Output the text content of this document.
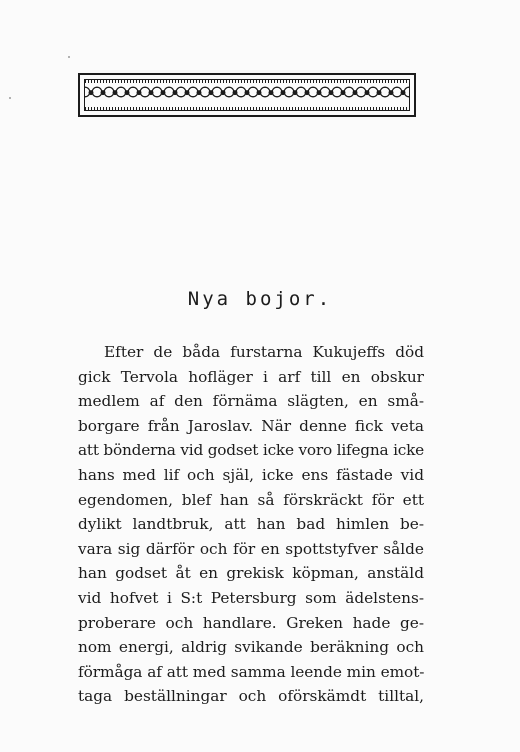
Nya bojor.
Efter de båda furstarna Kukujeffs död
gick Tervola hofläger i arf till en obskur
medlem af den förnäma slägten, en små-
borgare från Jaroslav. När denne fick veta
att bönderna vid godset icke voro lifegna icke
hans med lif och själ, icke ens fästade vid
egendomen, blef han så förskräckt för ett
dylikt landtbruk, att han bad himlen be-
vara sig därför och för en spottstyfver sålde
han godset åt en grekisk köpman, anstäld
vid hofvet i S:t Petersburg som ädelstens-
proberare och handlare. Greken hade ge-
nom energi, aldrig svikande beräkning och
förmåga af att med samma leende min emot-
taga beställningar och oförskämdt tilltal,
